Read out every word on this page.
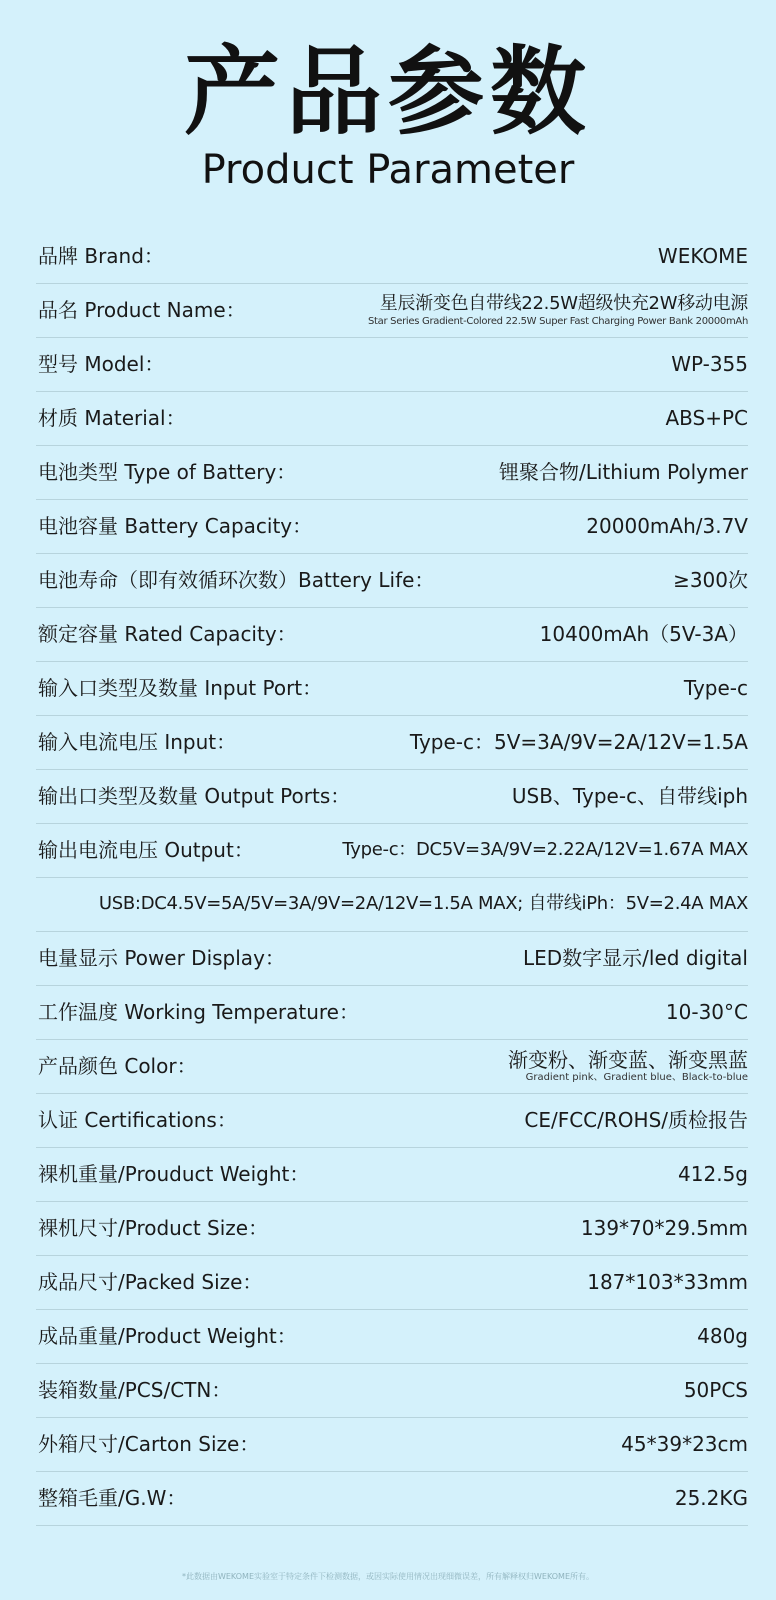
产品参数
Product Parameter
品牌 Brand：	WEKOME
品名 Product Name：	星辰渐变色自带线22.5W超级快充2W移动电源
Star Series Gradient-Colored 22.5W Super Fast Charging Power Bank 20000mAh
型号 Model：	WP-355
材质 Material：	ABS+PC
电池类型 Type of Battery：	锂聚合物/Lithium Polymer
电池容量 Battery Capacity：	20000mAh/3.7V
电池寿命（即有效循环次数）Battery Life：	≥300次
额定容量 Rated Capacity：	10400mAh（5V-3A）
输入口类型及数量 Input Port：	Type-c
输入电流电压 Input：	Type-c：5V=3A/9V=2A/12V=1.5A
输出口类型及数量 Output Ports：	USB、Type-c、自带线iph
输出电流电压 Output：	Type-c：DC5V=3A/9V=2.22A/12V=1.67A MAX
USB:DC4.5V=5A/5V=3A/9V=2A/12V=1.5A MAX; 自带线iPh：5V=2.4A MAX
电量显示 Power Display：	LED数字显示/led digital
工作温度 Working Temperature：	10-30°C
产品颜色 Color：	渐变粉、渐变蓝、渐变黑蓝
Gradient pink、Gradient blue、Black-to-blue
认证 Certifications：	CE/FCC/ROHS/质检报告
裸机重量/Prouduct Weight：	412.5g
裸机尺寸/Product Size：	139*70*29.5mm
成品尺寸/Packed Size：	187*103*33mm
成品重量/Product Weight：	480g
装箱数量/PCS/CTN：	50PCS
外箱尺寸/Carton Size：	45*39*23cm
整箱毛重/G.W：	25.2KG
*此数据由WEKOME实验室于特定条件下检测数据，或因实际使用情况出现细微误差，所有解释权归WEKOME所有。
